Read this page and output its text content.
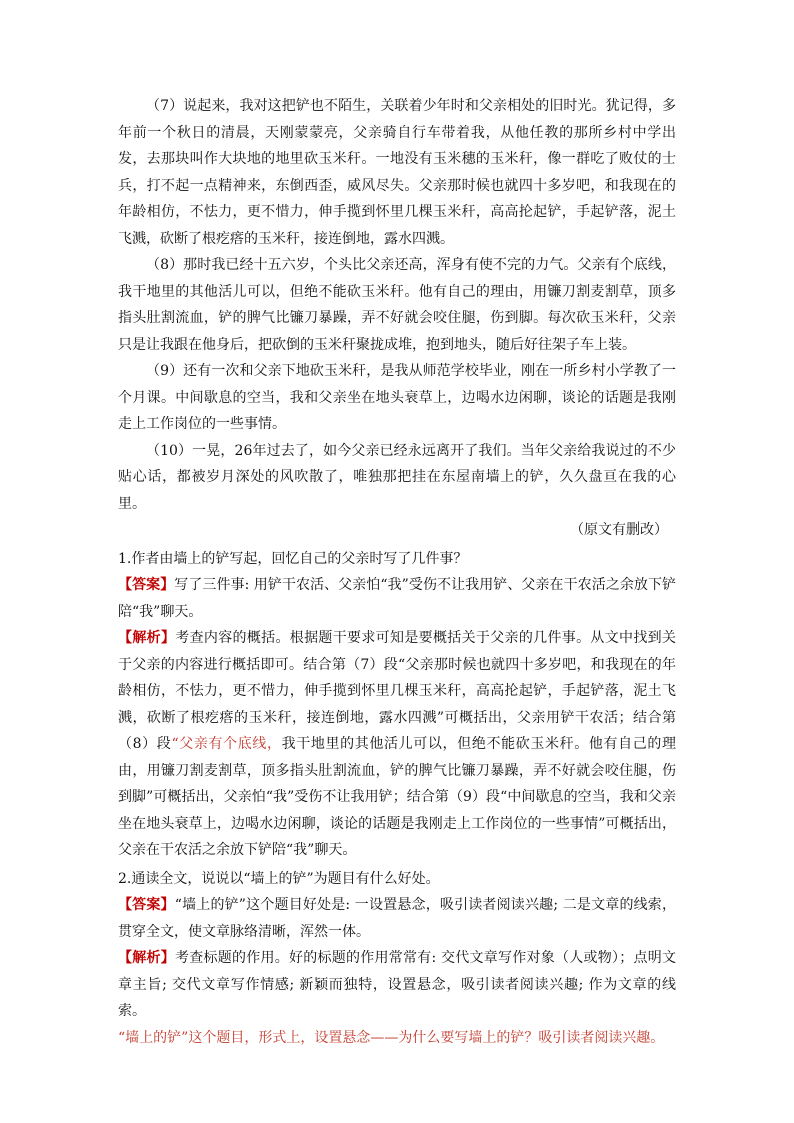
（7）说起来，我对这把铲也不陌生，关联着少年时和父亲相处的旧时光。犹记得，多年前一个秋日的清晨，天刚蒙蒙亮，父亲骑自行车带着我，从他任教的那所乡村中学出发，去那块叫作大块地的地里砍玉米秆。一地没有玉米穗的玉米秆，像一群吃了败仗的士兵，打不起一点精神来，东倒西歪，威风尽失。父亲那时候也就四十多岁吧，和我现在的年龄相仿，不怯力，更不惜力，伸手揽到怀里几棵玉米秆，高高抡起铲，手起铲落，泥土飞溅，砍断了根疙瘩的玉米秆，接连倒地，露水四溅。

（8）那时我已经十五六岁，个头比父亲还高，浑身有使不完的力气。父亲有个底线，我干地里的其他活儿可以，但绝不能砍玉米秆。他有自己的理由，用镰刀割麦割草，顶多指头肚割流血，铲的脾气比镰刀暴躁，弄不好就会咬住腿，伤到脚。每次砍玉米秆，父亲只是让我跟在他身后，把砍倒的玉米秆聚拢成堆，抱到地头，随后好往架子车上装。

（9）还有一次和父亲下地砍玉米秆，是我从师范学校毕业，刚在一所乡村小学教了一个月课。中间歇息的空当，我和父亲坐在地头衰草上，边喝水边闲聊，谈论的话题是我刚走上工作岗位的一些事情。

（10）一晃，26年过去了，如今父亲已经永远离开了我们。当年父亲给我说过的不少贴心话，都被岁月深处的风吹散了，唯独那把挂在东屋南墙上的铲，久久盘亘在我的心里。

（原文有删改）

1.作者由墙上的铲写起，回忆自己的父亲时写了几件事？

【答案】写了三件事: 用铲干农活、父亲怕“我”受伤不让我用铲、父亲在干农活之余放下铲陪“我”聊天。

【解析】考查内容的概括。根据题干要求可知是要概括关于父亲的几件事。从文中找到关于父亲的内容进行概括即可。结合第（7）段“父亲那时候也就四十多岁吧，和我现在的年龄相仿，不怯力，更不惜力，伸手揽到怀里几棵玉米秆，高高抡起铲，手起铲落，泥土飞溅，砍断了根疙瘩的玉米秆，接连倒地，露水四溅”可概括出，父亲用铲干农活；结合第（8）段“父亲有个底线，我干地里的其他活儿可以，但绝不能砍玉米秆。他有自己的理由，用镰刀割麦割草，顶多指头肚割流血，铲的脾气比镰刀暴躁，弄不好就会咬住腿，伤到脚”可概括出，父亲怕“我”受伤不让我用铲；结合第（9）段“中间歇息的空当，我和父亲坐在地头衰草上，边喝水边闲聊，谈论的话题是我刚走上工作岗位的一些事情”可概括出，父亲在干农活之余放下铲陪“我”聊天。

2.通读全文，说说以“墙上的铲”为题目有什么好处。

【答案】“墙上的铲”这个题目好处是: 一设置悬念，吸引读者阅读兴趣; 二是文章的线索，贯穿全文，使文章脉络清晰，浑然一体。

【解析】考查标题的作用。好的标题的作用常常有: 交代文章写作对象（人或物）；点明文章主旨; 交代文章写作情感; 新颖而独特，设置悬念，吸引读者阅读兴趣; 作为文章的线索。

“墙上的铲”这个题目，形式上，设置悬念——为什么要写墙上的铲？吸引读者阅读兴趣。
